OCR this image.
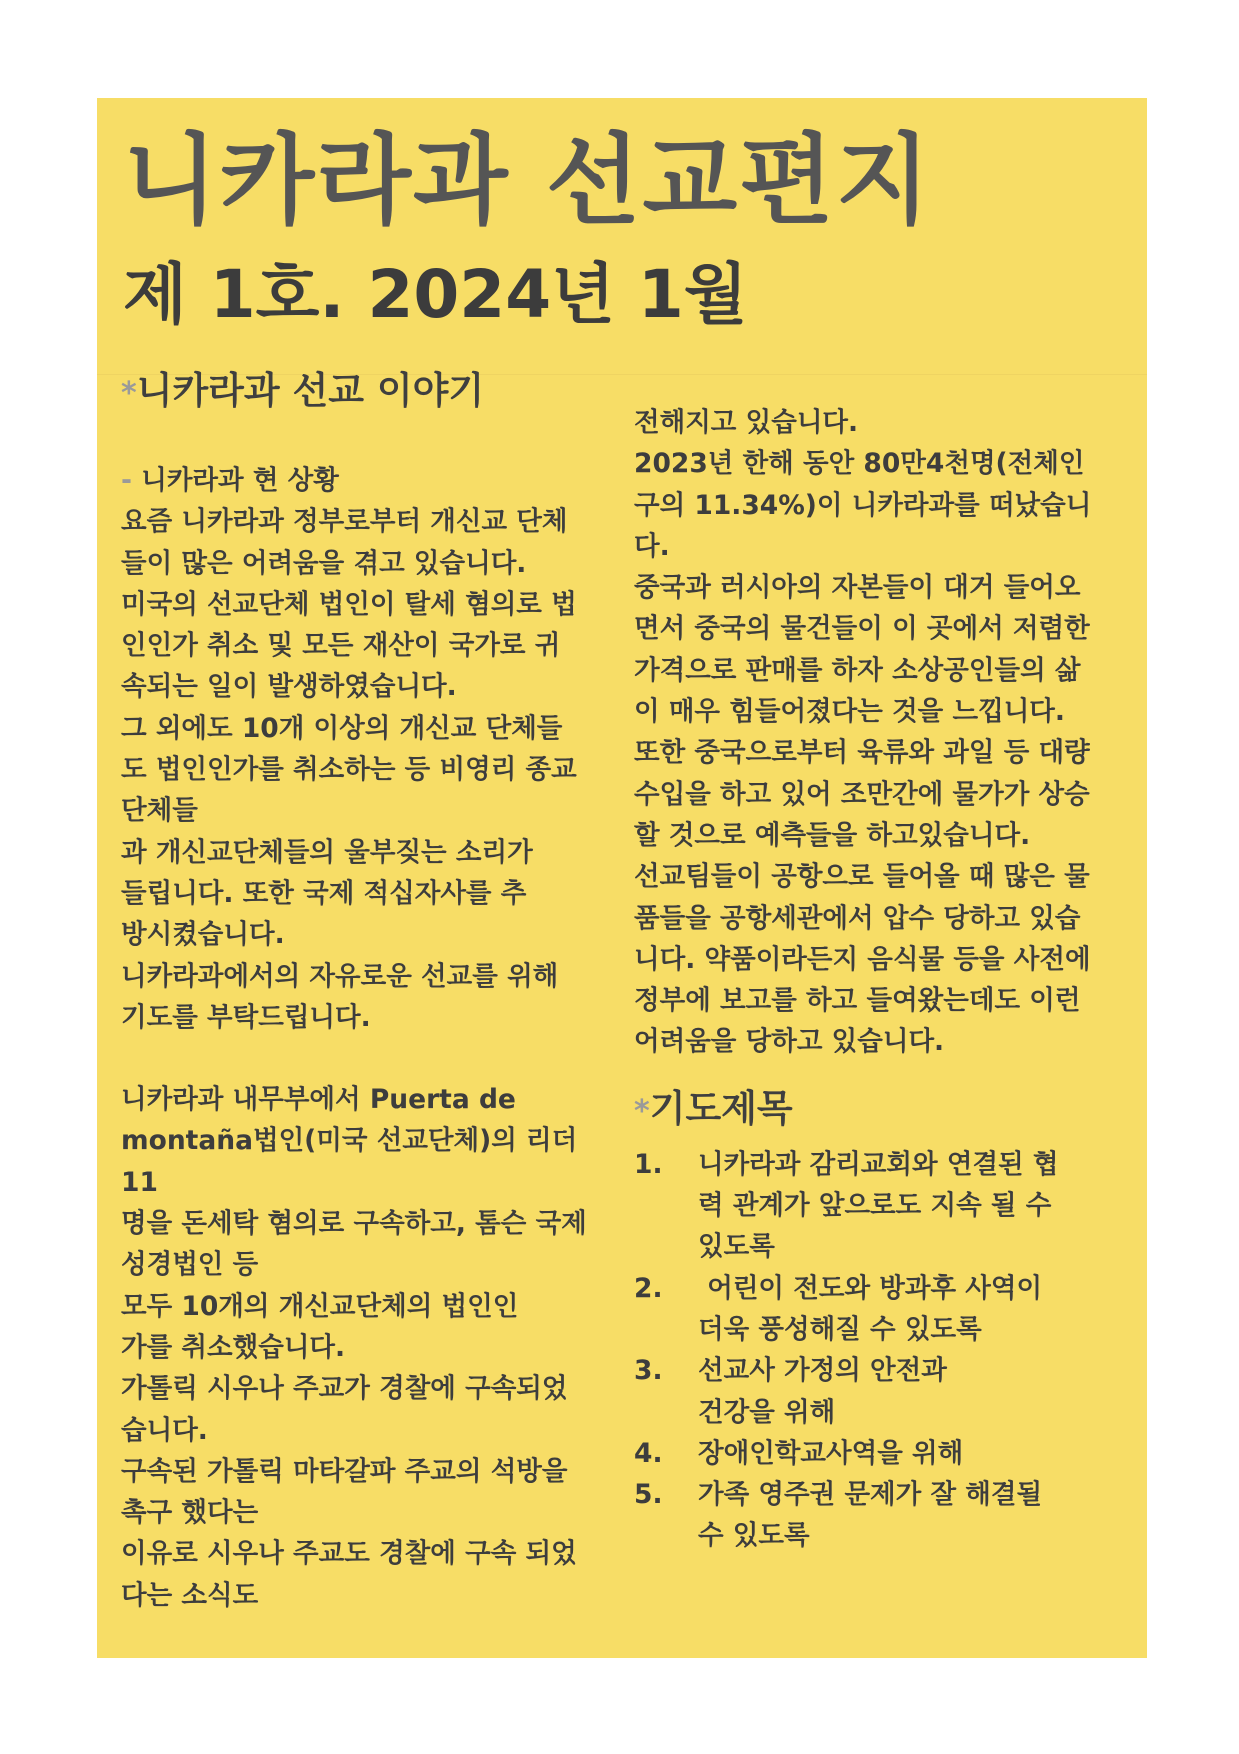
니카라과 선교편지
제 1호. 2024년 1월
*니카라과 선교 이야기
- 니카라과 현 상황
요즘 니카라과 정부로부터 개신교 단체
들이 많은 어려움을 겪고 있습니다.
미국의 선교단체 법인이 탈세 혐의로 법
인인가 취소 및 모든 재산이 국가로 귀
속되는 일이 발생하였습니다.
그 외에도 10개 이상의 개신교 단체들
도 법인인가를 취소하는 등 비영리 종교
단체들
과 개신교단체들의 울부짖는 소리가
들립니다. 또한 국제 적십자사를 추
방시켰습니다.
니카라과에서의 자유로운 선교를 위해
기도를 부탁드립니다.
니카라과 내무부에서 Puerta de
montaña법인(미국 선교단체)의 리더
11
명을 돈세탁 혐의로 구속하고, 톰슨 국제
성경법인 등
모두 10개의 개신교단체의 법인인
가를 취소했습니다.
가톨릭 시우나 주교가 경찰에 구속되었
습니다.
구속된 가톨릭 마타갈파 주교의 석방을
촉구 했다는
이유로 시우나 주교도 경찰에 구속 되었
다는 소식도
전해지고 있습니다.
2023년 한해 동안 80만4천명(전체인
구의 11.34%)이 니카라과를 떠났습니
다.
중국과 러시아의 자본들이 대거 들어오
면서 중국의 물건들이 이 곳에서 저렴한
가격으로 판매를 하자 소상공인들의 삶
이 매우 힘들어졌다는 것을 느낍니다.
또한 중국으로부터 육류와 과일 등 대량
수입을 하고 있어 조만간에 물가가 상승
할 것으로 예측들을 하고있습니다.
선교팀들이 공항으로 들어올 때 많은 물
품들을 공항세관에서 압수 당하고 있습
니다. 약품이라든지 음식물 등을 사전에
정부에 보고를 하고 들여왔는데도 이런
어려움을 당하고 있습니다.
*기도제목
1.	니카라과 감리교회와 연결된 협
력 관계가 앞으로도 지속 될 수
있도록
2.	어린이 전도와 방과후 사역이
더욱 풍성해질 수 있도록
3.	선교사 가정의 안전과
건강을 위해
4.	장애인학교사역을 위해
5.	가족 영주권 문제가 잘 해결될
수 있도록
